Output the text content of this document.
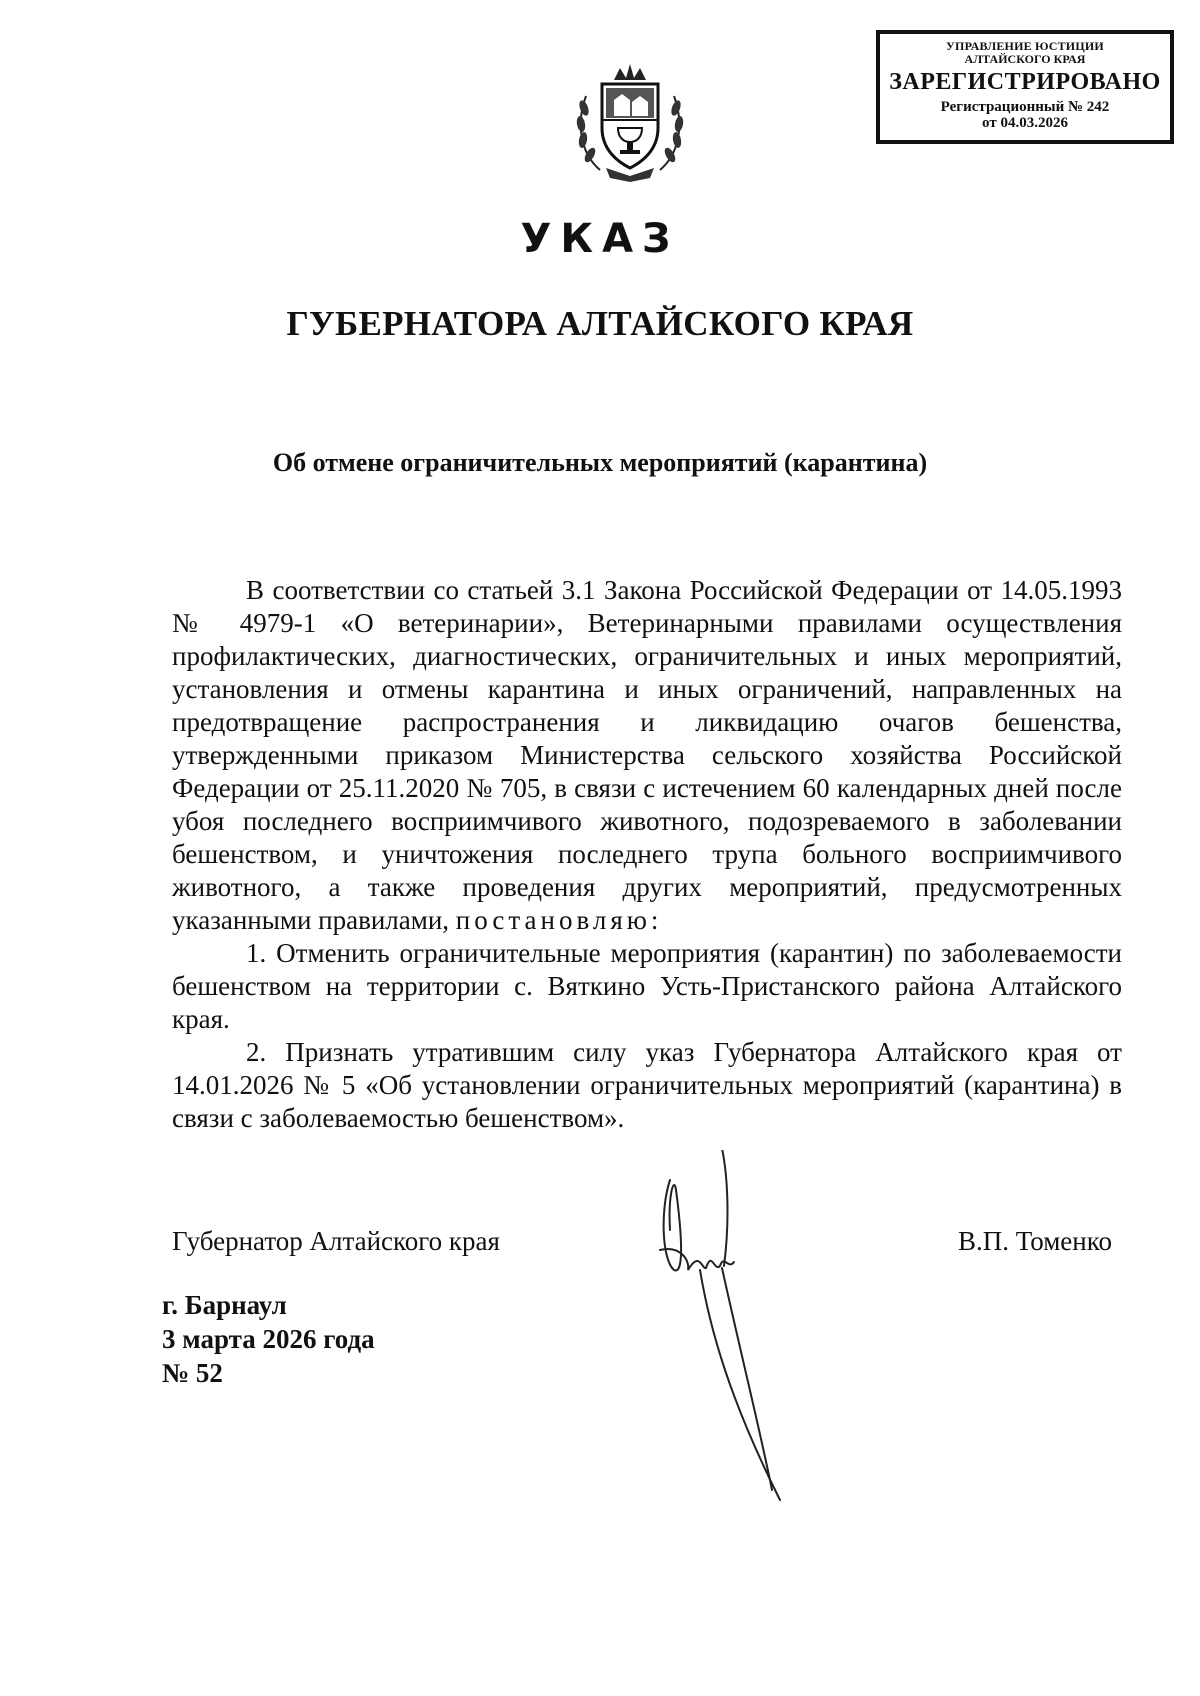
УПРАВЛЕНИЕ ЮСТИЦИИ
АЛТАЙСКОГО КРАЯ
ЗАРЕГИСТРИРОВАНО
Регистрационный № 242
от 04.03.2026
УКАЗ
ГУБЕРНАТОРА АЛТАЙСКОГО КРАЯ
Об отмене ограничительных мероприятий (карантина)

В соответствии со статьей 3.1 Закона Российской Федерации от 14.05.1993 № 4979-1 «О ветеринарии», Ветеринарными правилами осуществления профилактических, диагностических, ограничительных и иных мероприятий, установления и отмены карантина и иных ограничений, направленных на предотвращение распространения и ликвидацию очагов бешенства, утвержденными приказом Министерства сельского хозяйства Российской Федерации от 25.11.2020 № 705, в связи с истечением 60 календарных дней после убоя последнего восприимчивого животного, подозреваемого в заболевании бешенством, и уничтожения последнего трупа больного восприимчивого животного, а также проведения других мероприятий, предусмотренных указанными правилами, постановляю:

1. Отменить ограничительные мероприятия (карантин) по заболеваемости бешенством на территории с. Вяткино Усть-Пристанского района Алтайского края.

2. Признать утратившим силу указ Губернатора Алтайского края от 14.01.2026 № 5 «Об установлении ограничительных мероприятий (карантина) в связи с заболеваемостью бешенством».

Губернатор Алтайского края	В.П. Томенко
г. Барнаул
3 марта 2026 года
№ 52
